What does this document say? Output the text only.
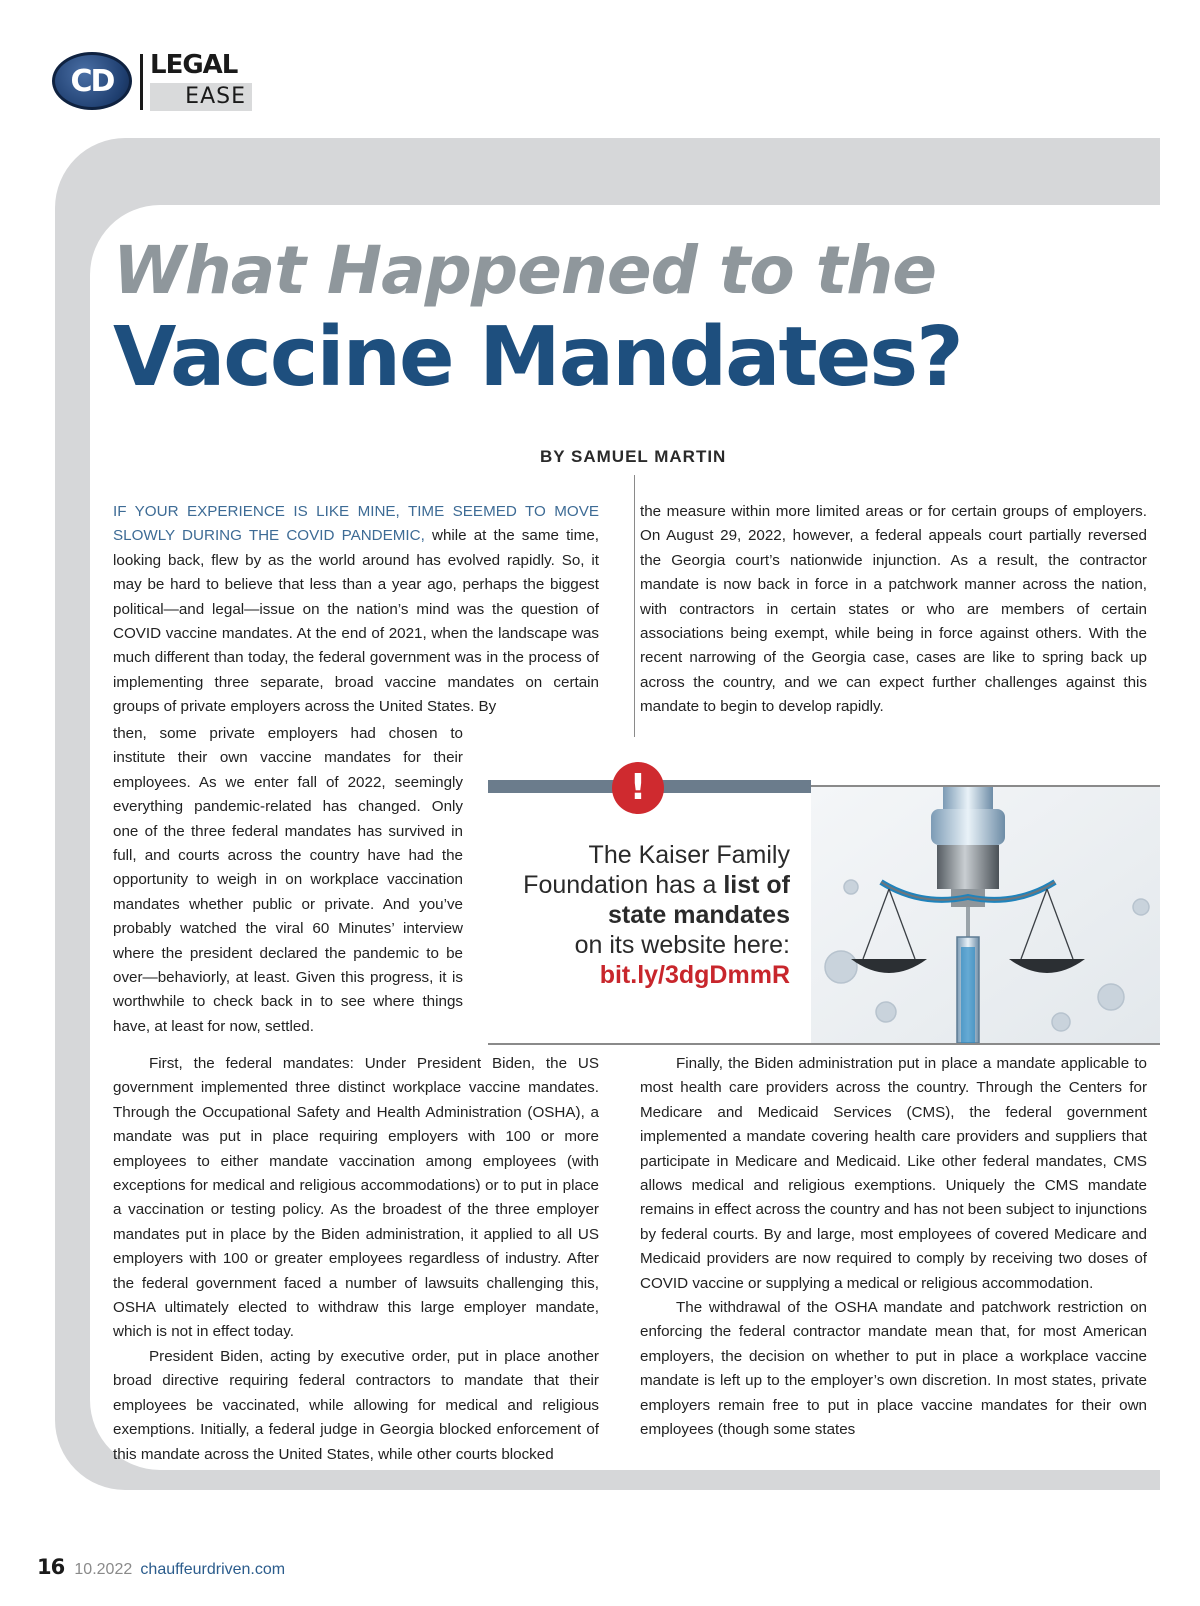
CD	LEGAL
EASE
What Happened to the
Vaccine Mandates?
BY SAMUEL MARTIN

IF YOUR EXPERIENCE IS LIKE MINE, TIME SEEMED TO MOVE SLOWLY DURING THE COVID PANDEMIC, while at the same time, looking back, flew by as the world around has evolved rapidly. So, it may be hard to believe that less than a year ago, perhaps the biggest political—and legal—issue on the nation’s mind was the question of COVID vaccine mandates. At the end of 2021, when the landscape was much different than today, the federal government was in the process of implementing three separate, broad vaccine mandates on certain groups of private employers across the United States. By

the measure within more limited areas or for certain groups of employers. On August 29, 2022, however, a federal appeals court partially reversed the Georgia court’s nationwide injunction. As a result, the contractor mandate is now back in force in a patchwork manner across the nation, with contractors in certain states or who are members of certain associations being exempt, while being in force against others. With the recent narrowing of the Georgia case, cases are like to spring back up across the country, and we can expect further challenges against this mandate to begin to develop rapidly.

then, some private employers had chosen to institute their own vaccine mandates for their employees. As we enter fall of 2022, seemingly everything pandemic-related has changed. Only one of the three federal mandates has survived in full, and courts across the country have had the opportunity to weigh in on workplace vaccination mandates whether public or private. And you’ve probably watched the viral 60 Minutes’ interview where the president declared the pandemic to be over—behaviorly, at least. Given this progress, it is worthwhile to check back in to see where things have, at least for now, settled.

!
The Kaiser Family
Foundation has a list of
state mandates
on its website here:
bit.ly/3dgDmmR

First, the federal mandates: Under President Biden, the US government implemented three distinct workplace vaccine mandates. Through the Occupational Safety and Health Administration (OSHA), a mandate was put in place requiring employers with 100 or more employees to either mandate vaccination among employees (with exceptions for medical and religious accommodations) or to put in place a vaccination or testing policy. As the broadest of the three employer mandates put in place by the Biden administration, it applied to all US employers with 100 or greater employees regardless of industry. After the federal government faced a number of lawsuits challenging this, OSHA ultimately elected to withdraw this large employer mandate, which is not in effect today.

President Biden, acting by executive order, put in place another broad directive requiring federal contractors to mandate that their employees be vaccinated, while allowing for medical and religious exemptions. Initially, a federal judge in Georgia blocked enforcement of this mandate across the United States, while other courts blocked

Finally, the Biden administration put in place a mandate applicable to most health care providers across the country. Through the Centers for Medicare and Medicaid Services (CMS), the federal government implemented a mandate covering health care providers and suppliers that participate in Medicare and Medicaid. Like other federal mandates, CMS allows medical and religious exemptions. Uniquely the CMS mandate remains in effect across the country and has not been subject to injunctions by federal courts. By and large, most employees of covered Medicare and Medicaid providers are now required to comply by receiving two doses of COVID vaccine or supplying a medical or religious accommodation.

The withdrawal of the OSHA mandate and patchwork restriction on enforcing the federal contractor mandate mean that, for most American employers, the decision on whether to put in place a workplace vaccine mandate is left up to the employer’s own discretion. In most states, private employers remain free to put in place vaccine mandates for their own employees (though some states

16 10.2022 chauffeurdriven.com
